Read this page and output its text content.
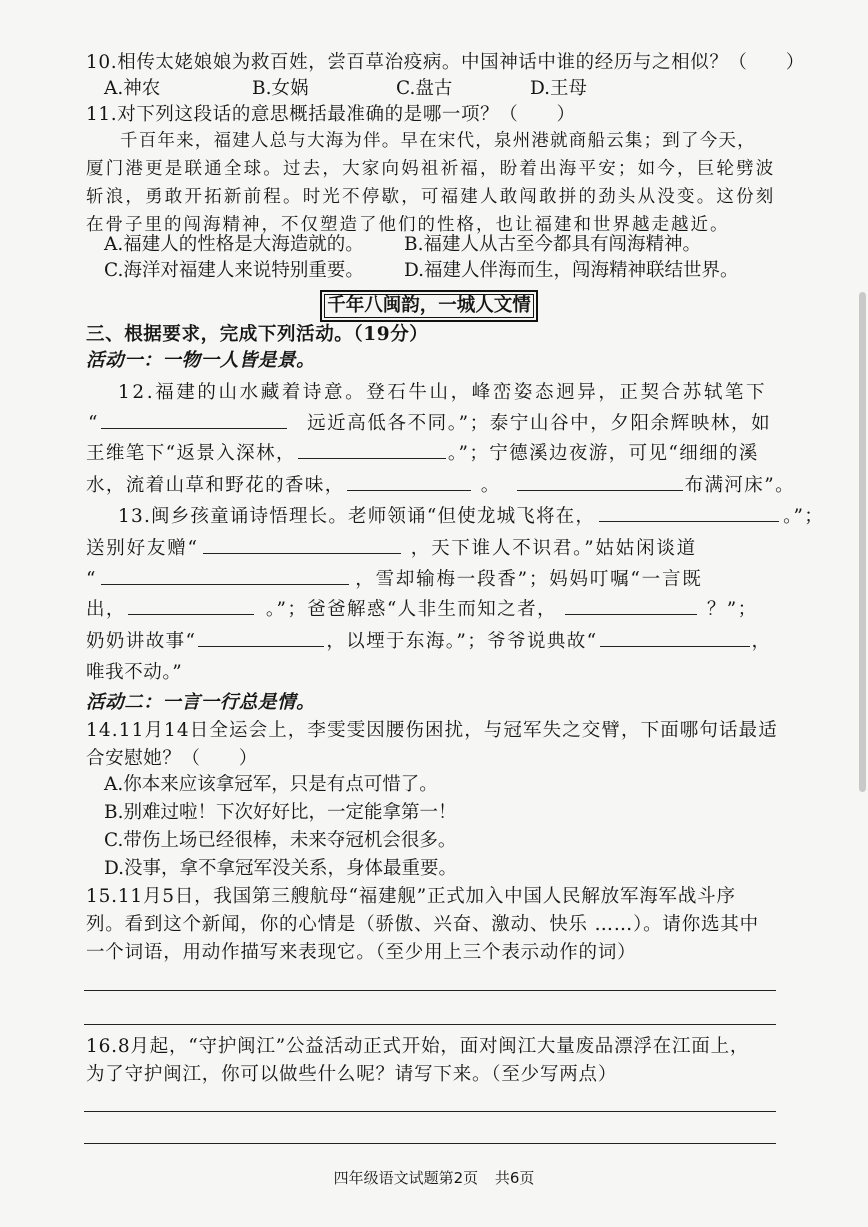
10.相传太姥娘娘为救百姓，尝百草治疫病。中国神话中谁的经历与之相似？（　　）
A.神农	B.女娲	C.盘古	D.王母
11.对下列这段话的意思概括最准确的是哪一项？（　　）
千百年来，福建人总与大海为伴。早在宋代，泉州港就商船云集；到了今天，
厦门港更是联通全球。过去，大家向妈祖祈福，盼着出海平安；如今，巨轮劈波
斩浪，勇敢开拓新前程。时光不停歇，可福建人敢闯敢拼的劲头从没变。这份刻
在骨子里的闯海精神，不仅塑造了他们的性格，也让福建和世界越走越近。
A.福建人的性格是大海造就的。 B.福建人从古至今都具有闯海精神。
C.海洋对福建人来说特别重要。 D.福建人伴海而生，闯海精神联结世界。
千年八闽韵，一城人文情
三、根据要求，完成下列活动。（19分）
活动一：一物一人皆是景。
12.福建的山水藏着诗意。登石牛山，峰峦姿态迥异，正契合苏轼笔下
“	远近高低各不同。”；泰宁山谷中，夕阳余辉映林，如
王维笔下“返景入深林，	。”；宁德溪边夜游，可见“细细的溪
水，流着山草和野花的香味，	。	布满河床”。
13.闽乡孩童诵诗悟理长。老师领诵“但使龙城飞将在，	。”；
送别好友赠“	，天下谁人不识君。”姑姑闲谈道
“	，雪却输梅一段香”；妈妈叮嘱“一言既
出，	。”；爸爸解惑“人非生而知之者，	？”；
奶奶讲故事“	，以堙于东海。”；爷爷说典故“	，
唯我不动。”
活动二：一言一行总是情。
14.11月14日全运会上，李雯雯因腰伤困扰，与冠军失之交臂，下面哪句话最适
合安慰她？（　　）
A.你本来应该拿冠军，只是有点可惜了。
B.别难过啦！下次好好比，一定能拿第一！
C.带伤上场已经很棒，未来夺冠机会很多。
D.没事，拿不拿冠军没关系，身体最重要。
15.11月5日，我国第三艘航母“福建舰”正式加入中国人民解放军海军战斗序
列。看到这个新闻，你的心情是（骄傲、兴奋、激动、快乐 ……）。请你选其中
一个词语，用动作描写来表现它。（至少用上三个表示动作的词）
16.8月起，“守护闽江”公益活动正式开始，面对闽江大量废品漂浮在江面上，
为了守护闽江，你可以做些什么呢？请写下来。（至少写两点）
四年级语文试题第2页 共6页
